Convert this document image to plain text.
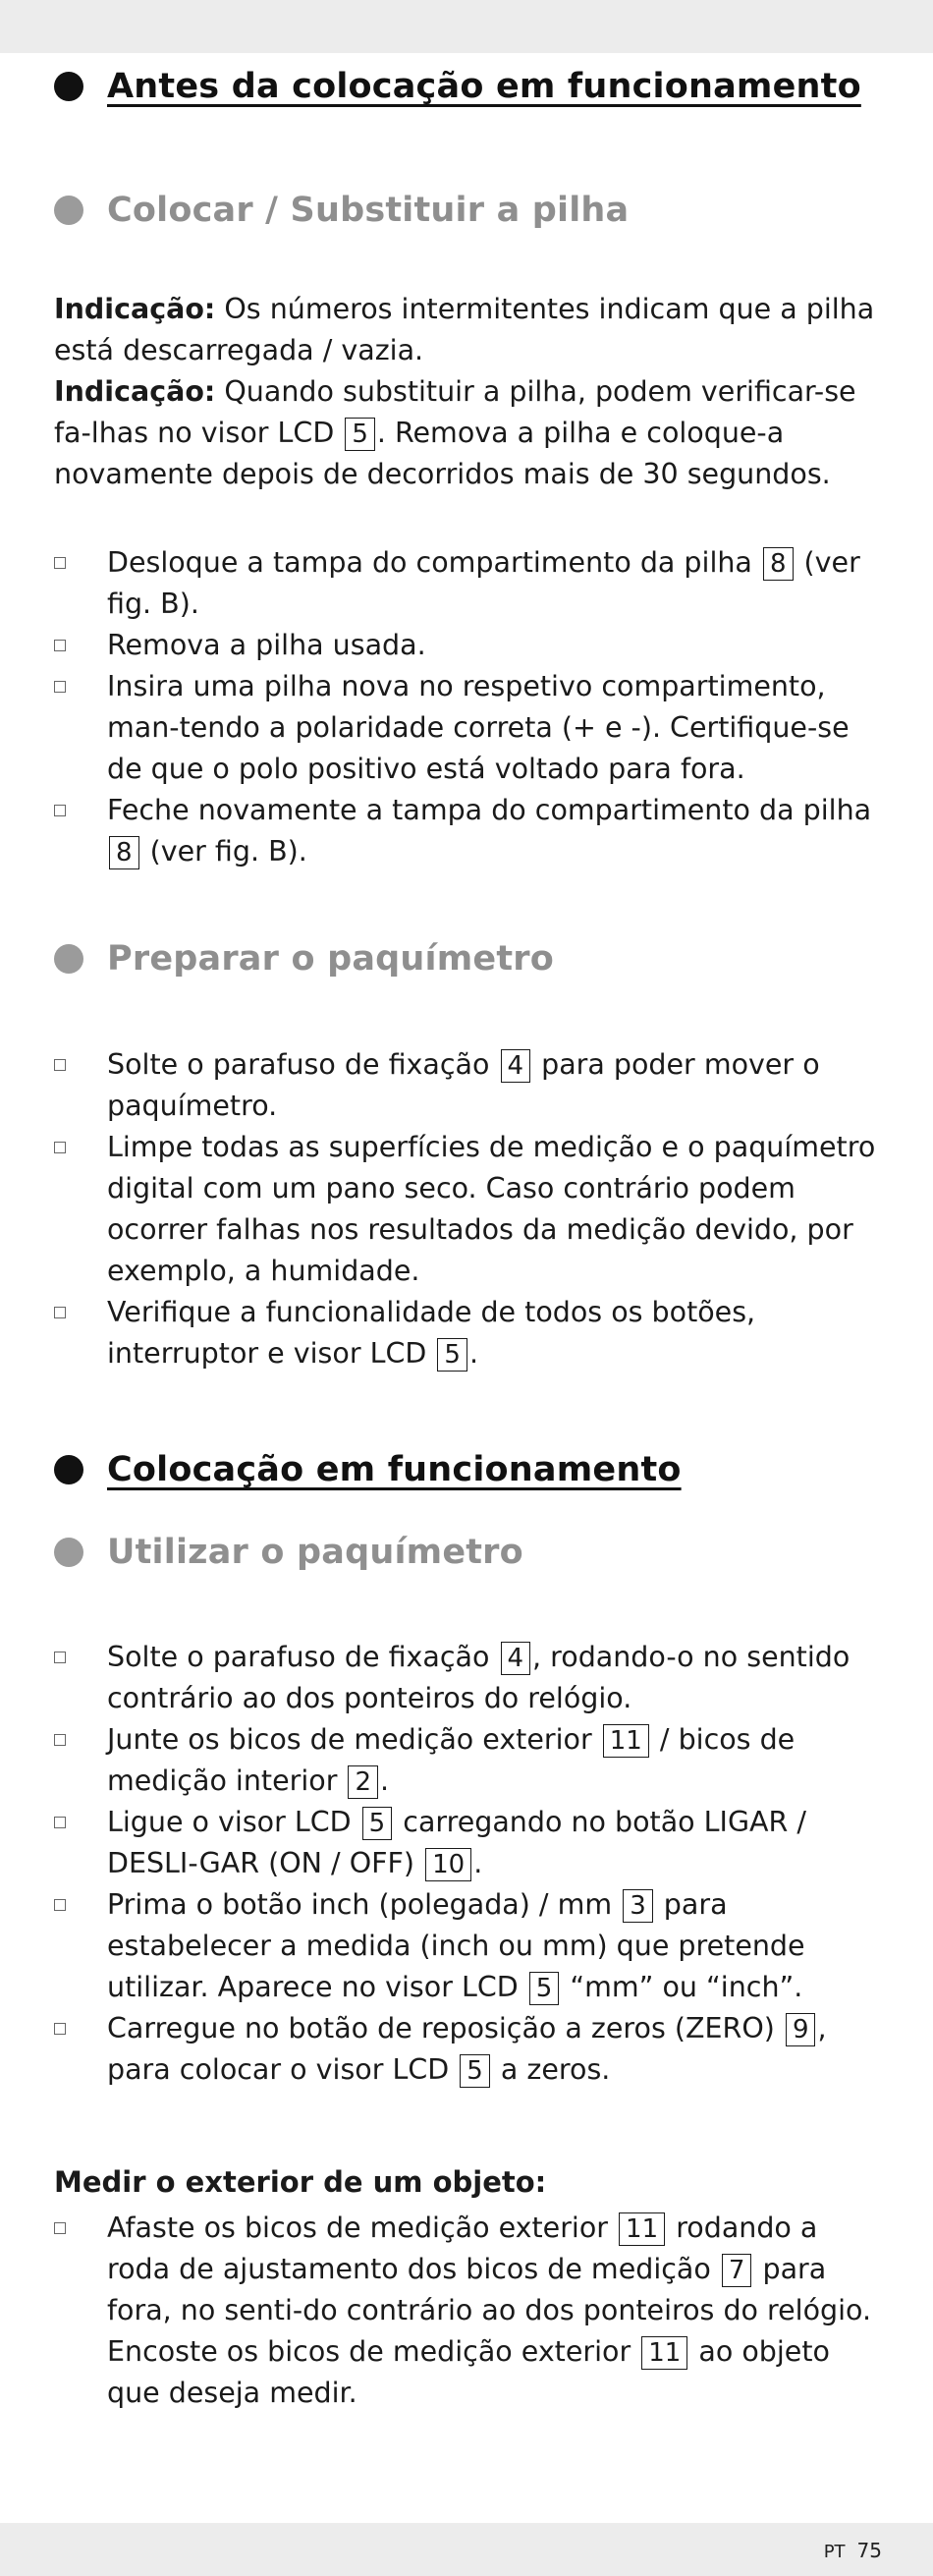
Antes da colocação em funcionamento
Colocar / Substituir a pilha
Indicação: Os números intermitentes indicam que a pilha está descarregada / vazia.
Indicação: Quando substituir a pilha, podem verificar-se fa-lhas no visor LCD 5 . Remova a pilha e coloque-a novamente depois de decorridos mais de 30 segundos.
Desloque a tampa do compartimento da pilha 8 (ver fig. B).
Remova a pilha usada.
Insira uma pilha nova no respetivo compartimento, man-tendo a polaridade correta (+ e -). Certifique-se de que o polo positivo está voltado para fora.
Feche novamente a tampa do compartimento da pilha 8 (ver fig. B).
Preparar o paquímetro
Solte o parafuso de fixação 4 para poder mover o paquímetro.
Limpe todas as superfícies de medição e o paquímetro digital com um pano seco. Caso contrário podem ocorrer falhas nos resultados da medição devido, por exemplo, a humidade.
Verifique a funcionalidade de todos os botões, interruptor e visor LCD 5 .
Colocação em funcionamento
Utilizar o paquímetro
Solte o parafuso de fixação 4 , rodando-o no sentido contrário ao dos ponteiros do relógio.
Junte os bicos de medição exterior 11 / bicos de medição interior 2 .
Ligue o visor LCD 5 carregando no botão LIGAR / DESLI-GAR (ON / OFF) 10 .
Prima o botão inch (polegada) / mm 3 para estabelecer a medida (inch ou mm) que pretende utilizar. Aparece no visor LCD 5 “mm” ou “inch”.
Carregue no botão de reposição a zeros (ZERO) 9 , para colocar o visor LCD 5 a zeros.
Medir o exterior de um objeto:
Afaste os bicos de medição exterior 11 rodando a roda de ajustamento dos bicos de medição 7 para fora, no senti-do contrário ao dos ponteiros do relógio. Encoste os bicos de medição exterior 11 ao objeto que deseja medir.
PT 75
